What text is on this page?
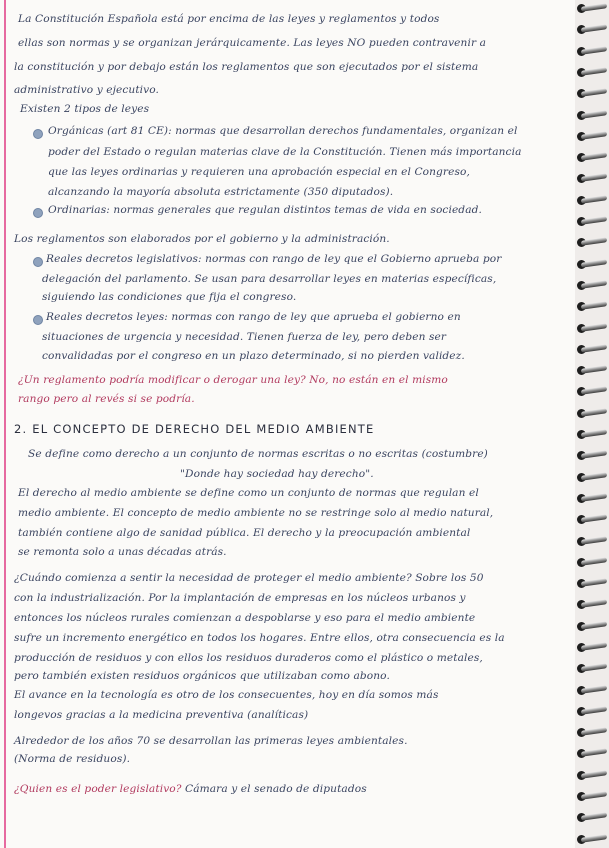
La Constitución Española está por encima de las leyes y reglamentos y todos
ellas son normas y se organizan jerárquicamente. Las leyes NO pueden contravenir a
la constitución y por debajo están los reglamentos que son ejecutados por el sistema
administrativo y ejecutivo.
Existen 2 tipos de leyes
Orgánicas (art 81 CE): normas que desarrollan derechos fundamentales, organizan el
poder del Estado o regulan materias clave de la Constitución. Tienen más importancia
que las leyes ordinarias y requieren una aprobación especial en el Congreso,
alcanzando la mayoría absoluta estrictamente (350 diputados).
Ordinarias: normas generales que regulan distintos temas de vida en sociedad.
Los reglamentos son elaborados por el gobierno y la administración.
Reales decretos legislativos: normas con rango de ley que el Gobierno aprueba por
delegación del parlamento. Se usan para desarrollar leyes en materias específicas,
siguiendo las condiciones que fija el congreso.
Reales decretos leyes: normas con rango de ley que aprueba el gobierno en
situaciones de urgencia y necesidad. Tienen fuerza de ley, pero deben ser
convalidadas por el congreso en un plazo determinado, si no pierden validez.
¿Un reglamento podría modificar o derogar una ley? No, no están en el mismo
rango pero al revés si se podría.
2. EL CONCEPTO DE DERECHO DEL MEDIO AMBIENTE
Se define como derecho a un conjunto de normas escritas o no escritas (costumbre)
"Donde hay sociedad hay derecho".
El derecho al medio ambiente se define como un conjunto de normas que regulan el
medio ambiente. El concepto de medio ambiente no se restringe solo al medio natural,
también contiene algo de sanidad pública. El derecho y la preocupación ambiental
se remonta solo a unas décadas atrás.
¿Cuándo comienza a sentir la necesidad de proteger el medio ambiente? Sobre los 50
con la industrialización. Por la implantación de empresas en los núcleos urbanos y
entonces los núcleos rurales comienzan a despoblarse y eso para el medio ambiente
sufre un incremento energético en todos los hogares. Entre ellos, otra consecuencia es la
producción de residuos y con ellos los residuos duraderos como el plástico o metales,
pero también existen residuos orgánicos que utilizaban como abono.
El avance en la tecnología es otro de los consecuentes, hoy en día somos más
longevos gracias a la medicina preventiva (analíticas)
Alrededor de los años 70 se desarrollan las primeras leyes ambientales.
(Norma de residuos).
¿Quien es el poder legislativo? Cámara y el senado de diputados
